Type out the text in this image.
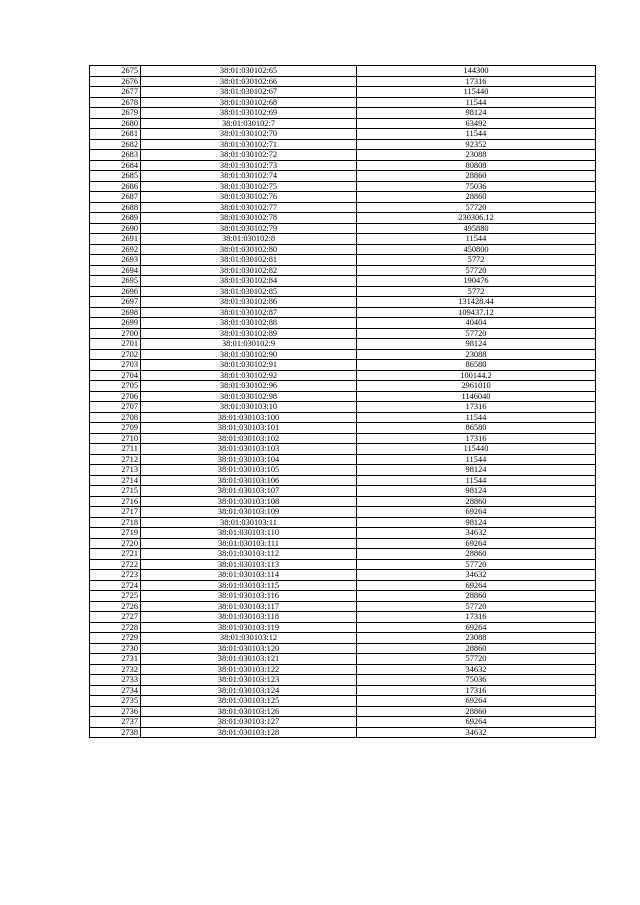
2675	38:01:030102:65	144300
2676	38:01:030102:66	17316
2677	38:01:030102:67	115440
2678	38:01:030102:68	11544
2679	38:01:030102:69	98124
2680	38:01:030102:7	63492
2681	38:01:030102:70	11544
2682	38:01:030102:71	92352
2683	38:01:030102:72	23088
2684	38:01:030102:73	80808
2685	38:01:030102:74	28860
2686	38:01:030102:75	75036
2687	38:01:030102:76	28860
2688	38:01:030102:77	57720
2689	38:01:030102:78	230306.12
2690	38:01:030102:79	495880
2691	38:01:030102:8	11544
2692	38:01:030102:80	450800
2693	38:01:030102:81	5772
2694	38:01:030102:82	57720
2695	38:01:030102:84	190476
2696	38:01:030102:85	5772
2697	38:01:030102:86	131428.44
2698	38:01:030102:87	109437.12
2699	38:01:030102:88	40404
2700	38:01:030102:89	57720
2701	38:01:030102:9	98124
2702	38:01:030102:90	23088
2703	38:01:030102:91	86580
2704	38:01:030102:92	100144.2
2705	38:01:030102:96	2961010
2706	38:01:030102:98	1146040
2707	38:01:030103:10	17316
2708	38:01:030103:100	11544
2709	38:01:030103:101	86580
2710	38:01:030103:102	17316
2711	38:01:030103:103	115440
2712	38:01:030103:104	11544
2713	38:01:030103:105	98124
2714	38:01:030103:106	11544
2715	38:01:030103:107	98124
2716	38:01:030103:108	28860
2717	38:01:030103:109	69264
2718	38:01:030103:11	98124
2719	38:01:030103:110	34632
2720	38:01:030103:111	69264
2721	38:01:030103:112	28860
2722	38:01:030103:113	57720
2723	38:01:030103:114	34632
2724	38:01:030103:115	69264
2725	38:01:030103:116	28860
2726	38:01:030103:117	57720
2727	38:01:030103:118	17316
2728	38:01:030103:119	69264
2729	38:01:030103:12	23088
2730	38:01:030103:120	28860
2731	38:01:030103:121	57720
2732	38:01:030103:122	34632
2733	38:01:030103:123	75036
2734	38:01:030103:124	17316
2735	38:01:030103:125	69264
2736	38:01:030103:126	28860
2737	38:01:030103:127	69264
2738	38:01:030103:128	34632
